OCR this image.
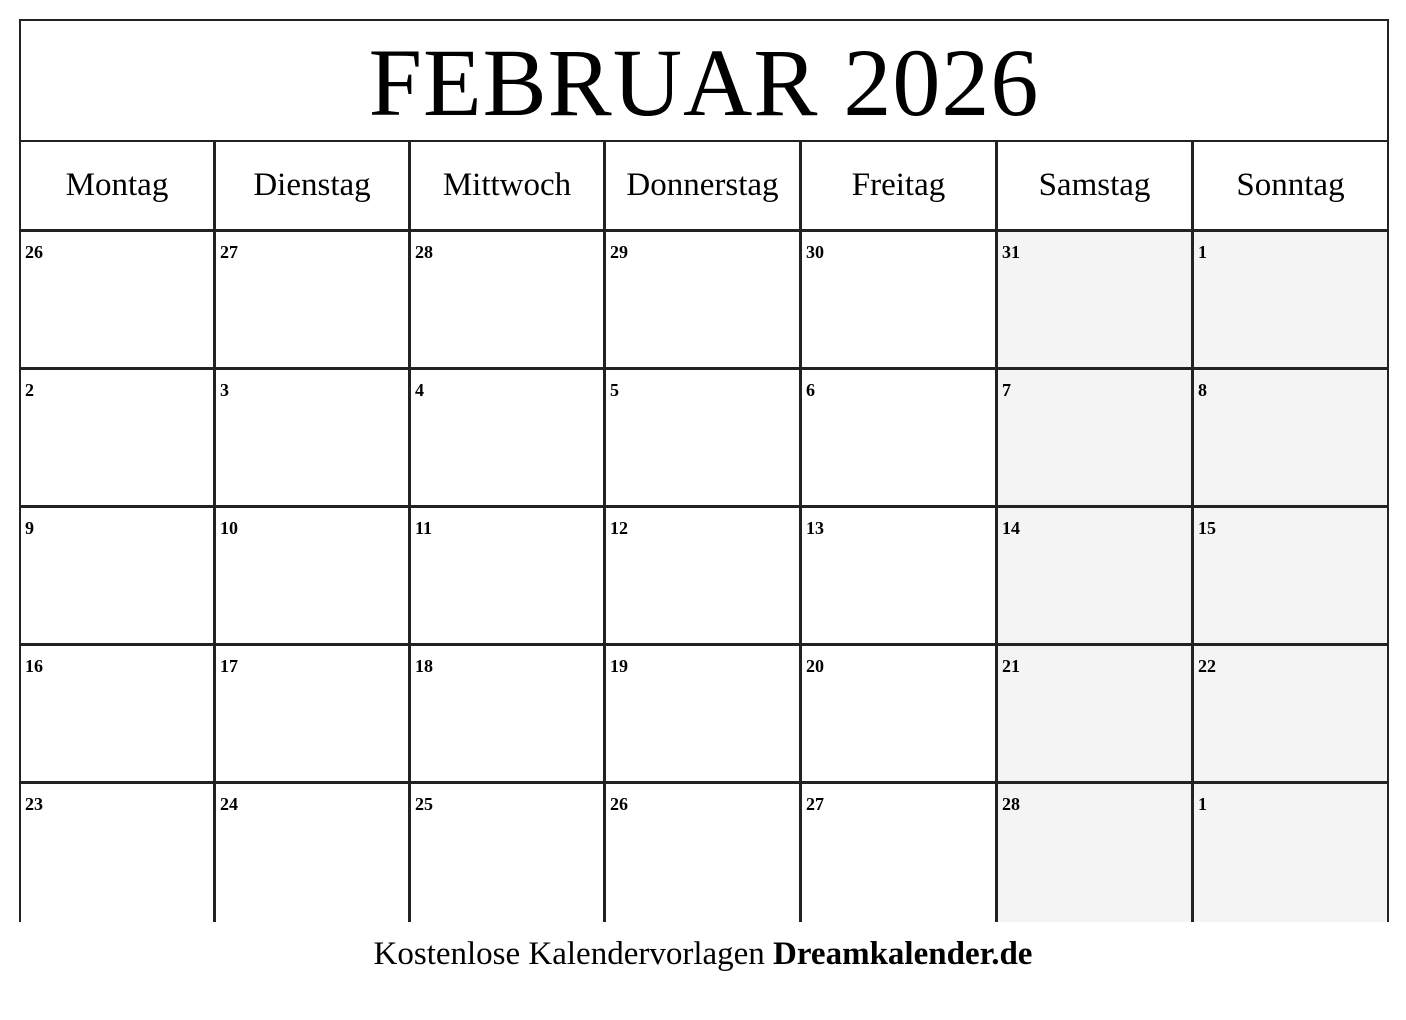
FEBRUAR 2026
Montag	Dienstag	Mittwoch	Donnerstag	Freitag	Samstag	Sonntag
26	27	28	29	30	31	1
2	3	4	5	6	7	8
9	10	11	12	13	14	15
16	17	18	19	20	21	22
23	24	25	26	27	28	1
Kostenlose Kalendervorlagen Dreamkalender.de
